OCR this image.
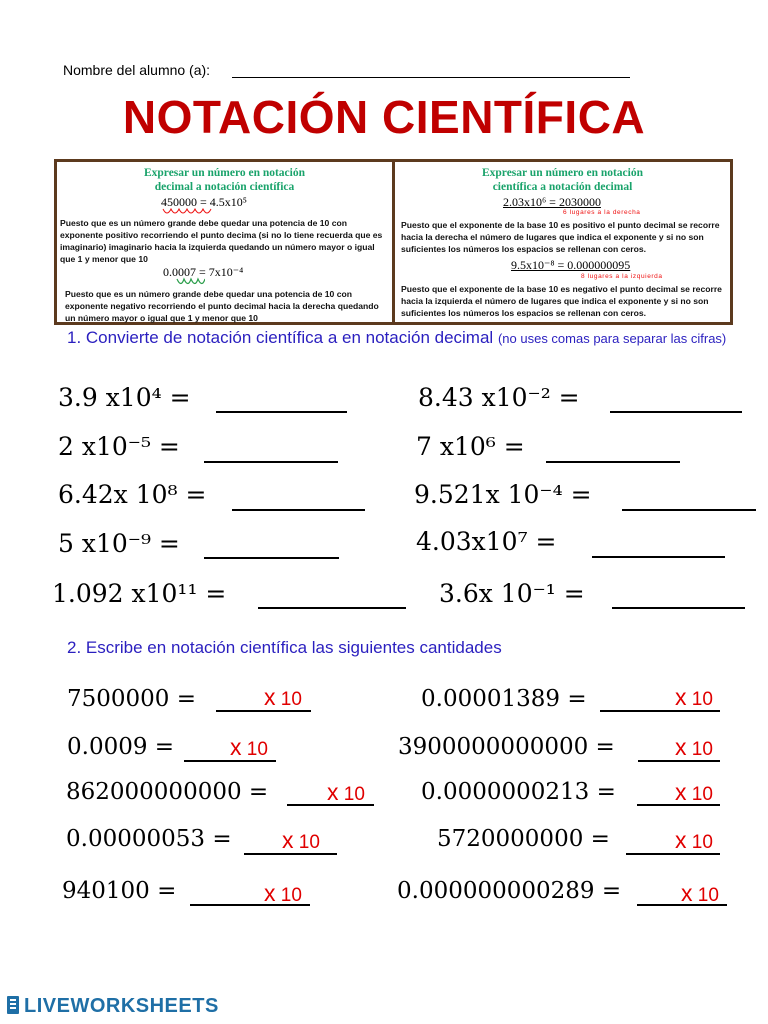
Nombre del alumno (a):
NOTACIÓN CIENTÍFICA
Expresar un número en notación
decimal a notación científica
450000 = 4.5x10⁵
Puesto que es un número grande debe quedar una potencia de 10 con exponente positivo recorriendo el punto decima (si no lo tiene recuerda que es imaginario) imaginario hacia la izquierda quedando un número mayor o igual que 1 y menor que 10
0.0007 = 7x10⁻⁴
Puesto que es un número grande debe quedar una potencia de 10 con exponente negativo recorriendo el punto decimal hacia la derecha quedando un número mayor o igual que 1 y menor que 10
Expresar un número en notación
científica a notación decimal
2.03x10⁶ = 2030000
6 lugares a la derecha
Puesto que el exponente de la base 10 es positivo el punto decimal se recorre hacia la derecha el número de lugares que indica el exponente y si no son suficientes los números los espacios se rellenan con ceros.
9.5x10⁻⁸ = 0.000000095
8 lugares a la izquierda
Puesto que el exponente de la base 10 es negativo el punto decimal se recorre hacia la izquierda el número de lugares que indica el exponente y si no son suficientes los números los espacios se rellenan con ceros.
1. Convierte de notación científica a en notación decimal (no uses comas para separar las cifras)
3.9 x10⁴ =	8.43 x10⁻² =
2 x10⁻⁵ =	7 x10⁶ =
6.42x 10⁸ =	9.521x 10⁻⁴ =
5 x10⁻⁹ =	4.03x10⁷ =
1.092 x10¹¹ =	3.6x 10⁻¹ =
2. Escribe en notación científica las siguientes cantidades
7500000 =	x 10	0.00001389 =	x 10
0.0009 = x 10	3900000000000 =	x 10
862000000000 =	x 10 0.0000000213 =	x 10
0.00000053 = x 10	5720000000 =	x 10
940100 =	x 10	0.000000000289 =	x 10
LIVEWORKSHEETS
